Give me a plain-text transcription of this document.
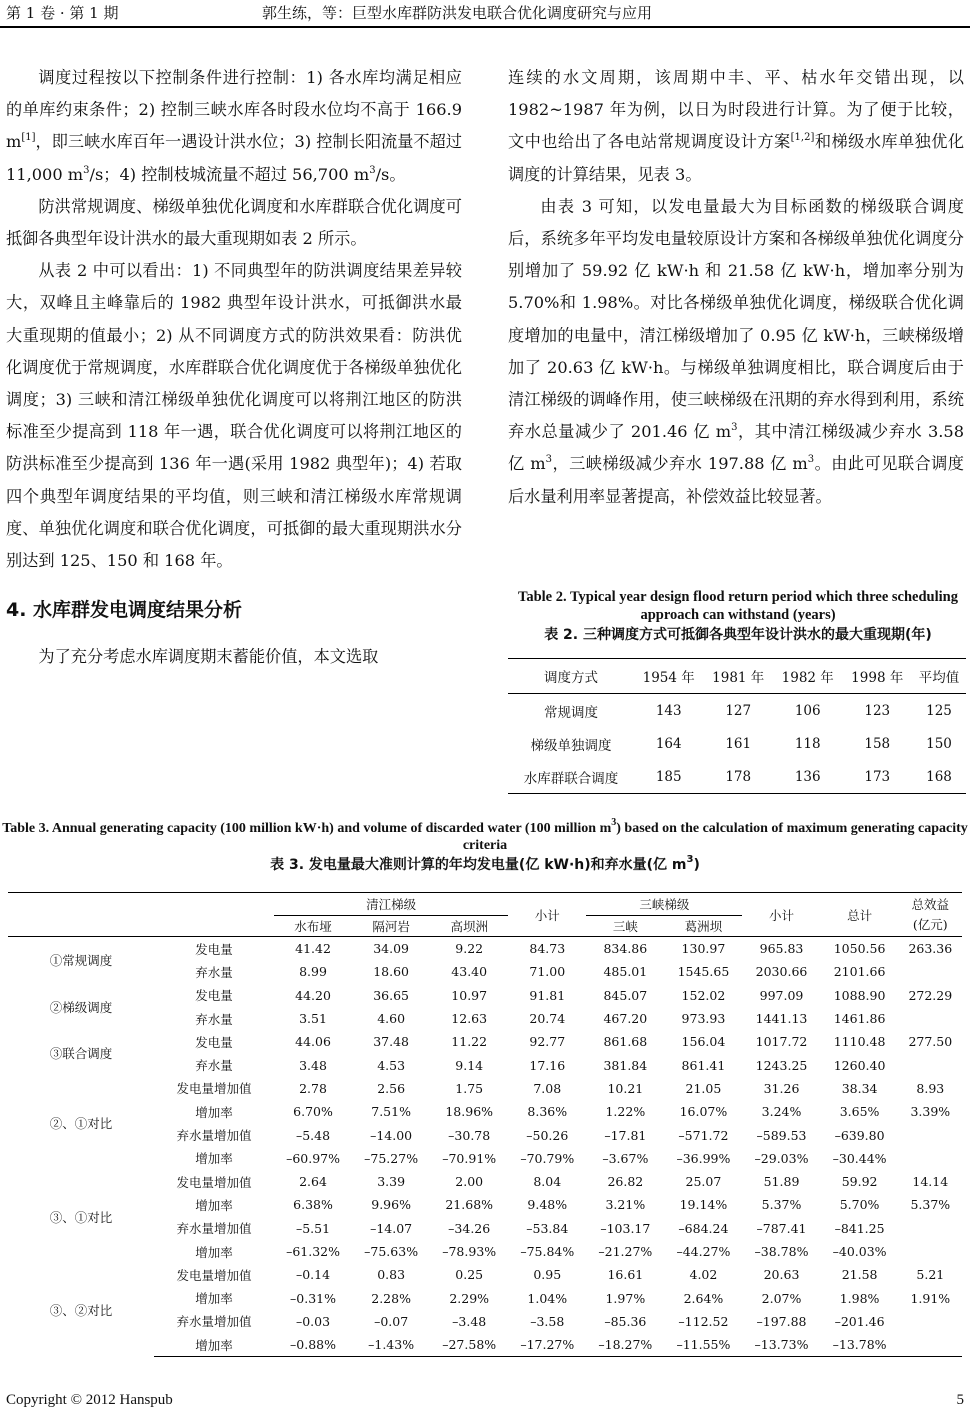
第 1 卷 · 第 1 期	郭生练，等：巨型水库群防洪发电联合优化调度研究与应用

调度过程按以下控制条件进行控制：1) 各水库均满足相应的单库约束条件；2) 控制三峡水库各时段水位均不高于 166.9 m[1]，即三峡水库百年一遇设计洪水位；3) 控制长阳流量不超过 11,000 $m^3/s$；4) 控制枝城流量不超过 56,700 $m^3/s$。

防洪常规调度、梯级单独优化调度和水库群联合优化调度可抵御各典型年设计洪水的最大重现期如表 2 所示。

从表 2 中可以看出：1) 不同典型年的防洪调度结果差异较大，双峰且主峰靠后的 1982 典型年设计洪水，可抵御洪水最大重现期的值最小；2) 从不同调度方式的防洪效果看：防洪优化调度优于常规调度，水库群联合优化调度优于各梯级单独优化调度；3) 三峡和清江梯级单独优化调度可以将荆江地区的防洪标准至少提高到 118 年一遇，联合优化调度可以将荆江地区的防洪标准至少提高到 136 年一遇(采用 1982 典型年)；4) 若取四个典型年调度结果的平均值，则三峡和清江梯级水库常规调度、单独优化调度和联合优化调度，可抵御的最大重现期洪水分别达到 125、150 和 168 年。

4. 水库群发电调度结果分析

为了充分考虑水库调度期末蓄能价值，本文选取

连续的水文周期，该周期中丰、平、枯水年交错出现，以 1982~1987 年为例，以日为时段进行计算。为了便于比较，文中也给出了各电站常规调度设计方案[1,2]和梯级水库单独优化调度的计算结果，见表 3。

由表 3 可知，以发电量最大为目标函数的梯级联合调度后，系统多年平均发电量较原设计方案和各梯级单独优化调度分别增加了 59.92 亿 kW·h 和 21.58 亿 kW·h，增加率分别为 5.70%和 1.98%。对比各梯级单独优化调度，梯级联合优化调度增加的电量中，清江梯级增加了 0.95 亿 kW·h，三峡梯级增加了 20.63 亿 kW·h。与梯级单独调度相比，联合调度后由于清江梯级的调峰作用，使三峡梯级在汛期的弃水得到利用，系统弃水总量减少了 201.46 亿 $m^3$，其中清江梯级减少弃水 3.58 亿 $m^3$，三峡梯级减少弃水 197.88 亿 $m^3$。由此可见联合调度后水量利用率显著提高，补偿效益比较显著。

Table 2. Typical year design flood return period which three scheduling approach can withstand (years)
表 2. 三种调度方式可抵御各典型年设计洪水的最大重现期(年)
调度方式	1954 年	1981 年	1982 年	1998 年	平均值
常规调度	143	127	106	123	125
梯级单独调度	164	161	118	158	150
水库群联合调度	185	178	136	173	168
Table 3. Annual generating capacity (100 million kW·h) and volume of discarded water (100 million $m^3$) based on the calculation of maximum generating capacity criteria
表 3. 发电量最大准则计算的年均发电量(亿 kW·h)和弃水量(亿 $m^3$)
		清江梯级			小计	三峡梯级		小计	总计	总效益
(亿元)
		水布垭	隔河岩	高坝洲		三峡	葛洲坝			
①常规调度	发电量	41.42	34.09	9.22	84.73	834.86	130.97	965.83	1050.56	263.36
	弃水量	8.99	18.60	43.40	71.00	485.01	1545.65	2030.66	2101.66	
②梯级调度	发电量	44.20	36.65	10.97	91.81	845.07	152.02	997.09	1088.90	272.29
	弃水量	3.51	4.60	12.63	20.74	467.20	973.93	1441.13	1461.86	
③联合调度	发电量	44.06	37.48	11.22	92.77	861.68	156.04	1017.72	1110.48	277.50
	弃水量	3.48	4.53	9.14	17.16	381.84	861.41	1243.25	1260.40	
②、①对比	发电量增加值	2.78	2.56	1.75	7.08	10.21	21.05	31.26	38.34	8.93
	增加率	6.70%	7.51%	18.96%	8.36%	1.22%	16.07%	3.24%	3.65%	3.39%
	弃水量增加值	–5.48	–14.00	–30.78	–50.26	–17.81	–571.72	–589.53	–639.80	
	增加率	–60.97%	–75.27%	–70.91%	–70.79%	–3.67%	–36.99%	–29.03%	–30.44%	
③、①对比	发电量增加值	2.64	3.39	2.00	8.04	26.82	25.07	51.89	59.92	14.14
	增加率	6.38%	9.96%	21.68%	9.48%	3.21%	19.14%	5.37%	5.70%	5.37%
	弃水量增加值	–5.51	–14.07	–34.26	–53.84	–103.17	–684.24	–787.41	–841.25	
	增加率	–61.32%	–75.63%	–78.93%	–75.84%	–21.27%	–44.27%	–38.78%	–40.03%	
③、②对比	发电量增加值	–0.14	0.83	0.25	0.95	16.61	4.02	20.63	21.58	5.21
	增加率	–0.31%	2.28%	2.29%	1.04%	1.97%	2.64%	2.07%	1.98%	1.91%
	弃水量增加值	–0.03	–0.07	–3.48	–3.58	–85.36	–112.52	–197.88	–201.46	
	增加率	–0.88%	–1.43%	–27.58%	–17.27%	–18.27%	–11.55%	–13.73%	–13.78%	
Copyright © 2012 Hanspub	5
